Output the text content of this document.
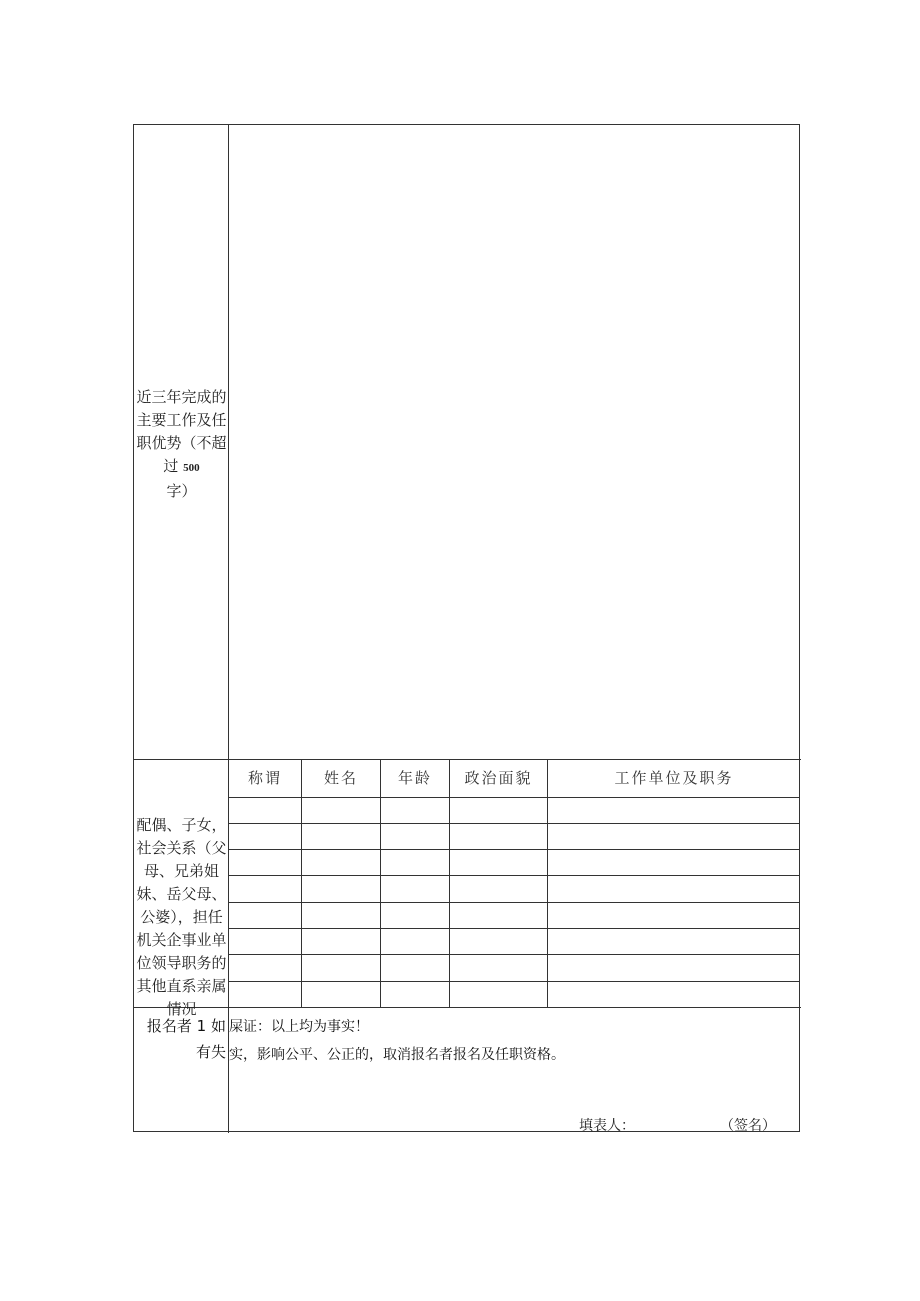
近三年完成的
主要工作及任
职优势（不超
过 500
字）
配偶、子女，
社会关系（父
母、兄弟姐
妹、岳父母、
公婆），担任
机关企事业单
位领导职务的
其他直系亲属
情况
称谓	姓名	年龄	政治面貌	工作单位及职务
报名者 1 如
有失
屎证：以上均为事实！
实，影响公平、公正的，取消报名者报名及任职资格。
填表人：	（签名）
